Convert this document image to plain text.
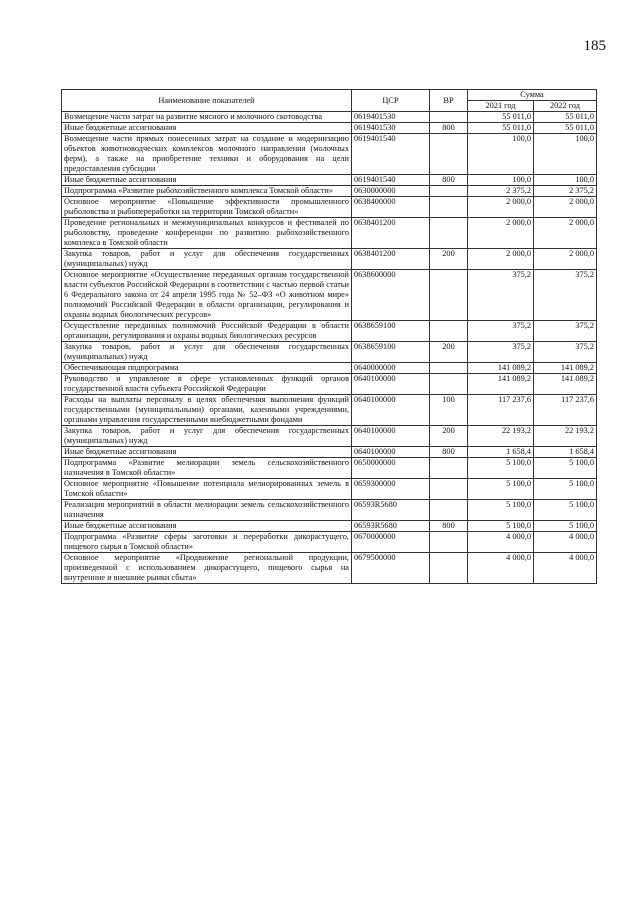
185
Наименование показателей	ЦСР	ВР	Сумма	
			2021 год	2022 год
Возмещение части затрат на развитие мясного и молочного скотоводства	0619401530		55 011,0	55 011,0
Иные бюджетные ассигнования	0619401530	800	55 011,0	55 011,0
Возмещение части прямых понесенных затрат на создание и модернизацию объектов животноводческих комплексов молочного направления (молочных ферм), а также на приобретение техники и оборудования на цели предоставления субсидии	0619401540		100,0	100,0
Иные бюджетные ассигнования	0619401540	800	100,0	100,0
Подпрограмма «Развитие рыбохозяйственного комплекса Томской области»	0630000000		2 375,2	2 375,2
Основное мероприятие «Повышение эффективности промышленного рыболовства и рыбопереработки на территории Томской области»	0638400000		2 000,0	2 000,0
Проведение региональных и межмуниципальных конкурсов и фестивалей по рыболовству, проведение конференции по развитию рыбохозяйственного комплекса в Томской области	0638401200		2 000,0	2 000,0
Закупка товаров, работ и услуг для обеспечения государственных (муниципальных) нужд	0638401200	200	2 000,0	2 000,0
Основное мероприятие «Осуществление переданных органам государственной власти субъектов Российской Федерации в соответствии с частью первой статьи 6 Федерального закона от 24 апреля 1995 года № 52–ФЗ «О животном мире» полномочий Российской Федерации в области организации, регулирования и охраны водных биологических ресурсов»	0638600000		375,2	375,2
Осуществление переданных полномочий Российской Федерации в области организации, регулирования и охраны водных биологических ресурсов	0638659100		375,2	375,2
Закупка товаров, работ и услуг для обеспечения государственных (муниципальных) нужд	0638659100	200	375,2	375,2
Обеспечивающая подпрограмма	0640000000		141 089,2	141 089,2
Руководство и управление в сфере установленных функций органов государственной власти субъекта Российской Федерации	0640100000		141 089,2	141 089,2
Расходы на выплаты персоналу в целях обеспечения выполнения функций государственными (муниципальными) органами, казенными учреждениями, органами управления государственными внебюджетными фондами	0640100000	100	117 237,6	117 237,6
Закупка товаров, работ и услуг для обеспечения государственных (муниципальных) нужд	0640100000	200	22 193,2	22 193,2
Иные бюджетные ассигнования	0640100000	800	1 658,4	1 658,4
Подпрограмма «Развитие мелиорации земель сельскохозяйственного назначения в Томской области»	0650000000		5 100,0	5 100,0
Основное мероприятие «Повышение потенциала мелиорированных земель в Томской области»	0659300000		5 100,0	5 100,0
Реализация мероприятий в области мелиорации земель сельскохозяйственного назначения	06593R5680		5 100,0	5 100,0
Иные бюджетные ассигнования	06593R5680	800	5 100,0	5 100,0
Подпрограмма «Развитие сферы заготовки и переработки дикорастущего, пищевого сырья в Томской области»	0670000000		4 000,0	4 000,0
Основное мероприятие «Продвижение региональной продукции, произведенной с использованием дикорастущего, пищевого сырья на внутренние и внешние рынки сбыта»	0679500000		4 000,0	4 000,0
